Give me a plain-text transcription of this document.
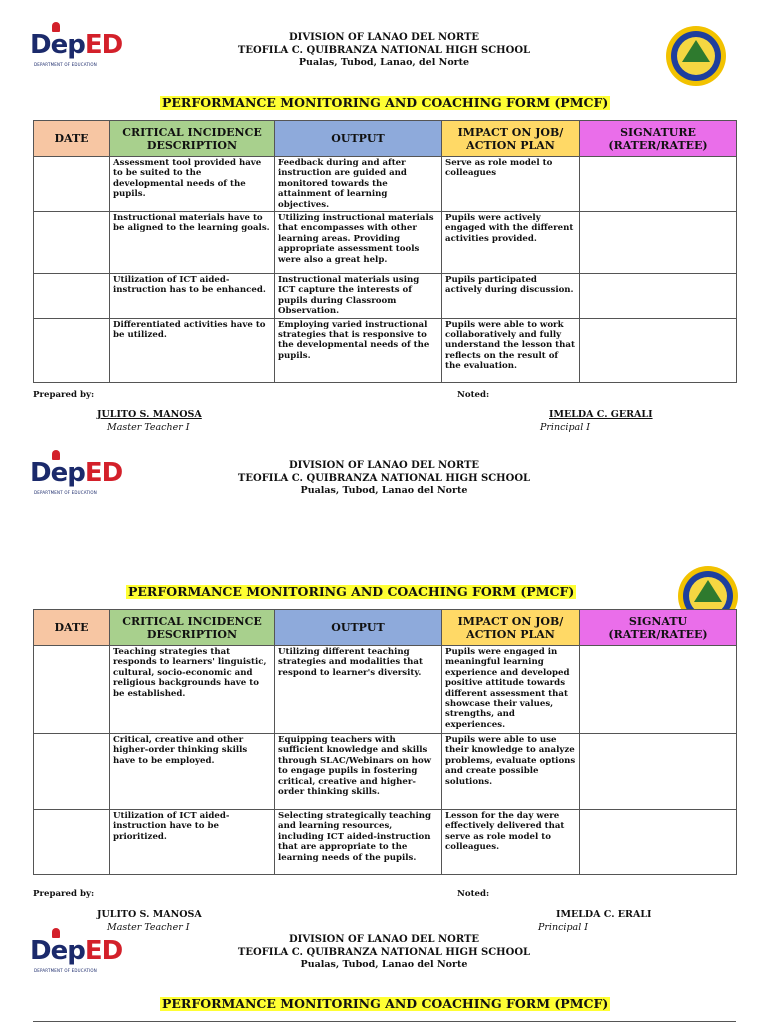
DepED
DEPARTMENT OF EDUCATION
DIVISION OF LANAO DEL NORTE
TEOFILA C. QUIBRANZA NATIONAL HIGH SCHOOL
Pualas, Tubod, Lanao, del Norte
PERFORMANCE MONITORING AND COACHING FORM (PMCF)
DATE	CRITICAL INCIDENCE DESCRIPTION	OUTPUT	IMPACT ON JOB/ ACTION PLAN	SIGNATURE (RATER/RATEE)
	Assessment tool provided have to be suited to the developmental needs of the pupils.	Feedback during and after instruction are guided and monitored towards the attainment of learning objectives.	Serve as role model to colleagues	
	Instructional materials have to be aligned to the learning goals.	Utilizing instructional materials that encompasses with other learning areas. Providing appropriate assessment tools were also a great help.	Pupils were actively engaged with the different activities provided.	
	Utilization of ICT aided-instruction has to be enhanced.	Instructional materials using ICT capture the interests of pupils during Classroom Observation.	Pupils participated actively during discussion.	
	Differentiated activities have to be utilized.	Employing varied instructional strategies that is responsive to the developmental needs of the pupils.	Pupils were able to work collaboratively and fully understand the lesson that reflects on the result of the evaluation.	
Prepared by:	Noted:
JULITO S. MANOSA
Master Teacher I
IMELDA C. GERALI
Principal I
DepED
DEPARTMENT OF EDUCATION
DIVISION OF LANAO DEL NORTE
TEOFILA C. QUIBRANZA NATIONAL HIGH SCHOOL
Pualas, Tubod, Lanao del Norte
PERFORMANCE MONITORING AND COACHING FORM (PMCF)
DATE	CRITICAL INCIDENCE DESCRIPTION	OUTPUT	IMPACT ON JOB/ ACTION PLAN	SIGNATU (RATER/RATEE)
	Teaching strategies that responds to learners' linguistic, cultural, socio-economic and religious backgrounds have to be established.	Utilizing different teaching strategies and modalities that respond to learner's diversity.	Pupils were engaged in meaningful learning experience and developed positive attitude towards different assessment that showcase their values, strengths, and experiences.	
	Critical, creative and other higher-order thinking skills have to be employed.	Equipping teachers with sufficient knowledge and skills through SLAC/Webinars on how to engage pupils in fostering critical, creative and higher-order thinking skills.	Pupils were able to use their knowledge to analyze problems, evaluate options and create possible solutions.	
	Utilization of ICT aided-instruction have to be prioritized.	Selecting strategically teaching and learning resources, including ICT aided-instruction that are appropriate to the learning needs of the pupils.	Lesson for the day were effectively delivered that serve as role model to colleagues.	
Prepared by:	Noted:
JULITO S. MANOSA
Master Teacher I
IMELDA C. ERALI
Principal I
DepED
DEPARTMENT OF EDUCATION
DIVISION OF LANAO DEL NORTE
TEOFILA C. QUIBRANZA NATIONAL HIGH SCHOOL
Pualas, Tubod, Lanao del Norte
PERFORMANCE MONITORING AND COACHING FORM (PMCF)
